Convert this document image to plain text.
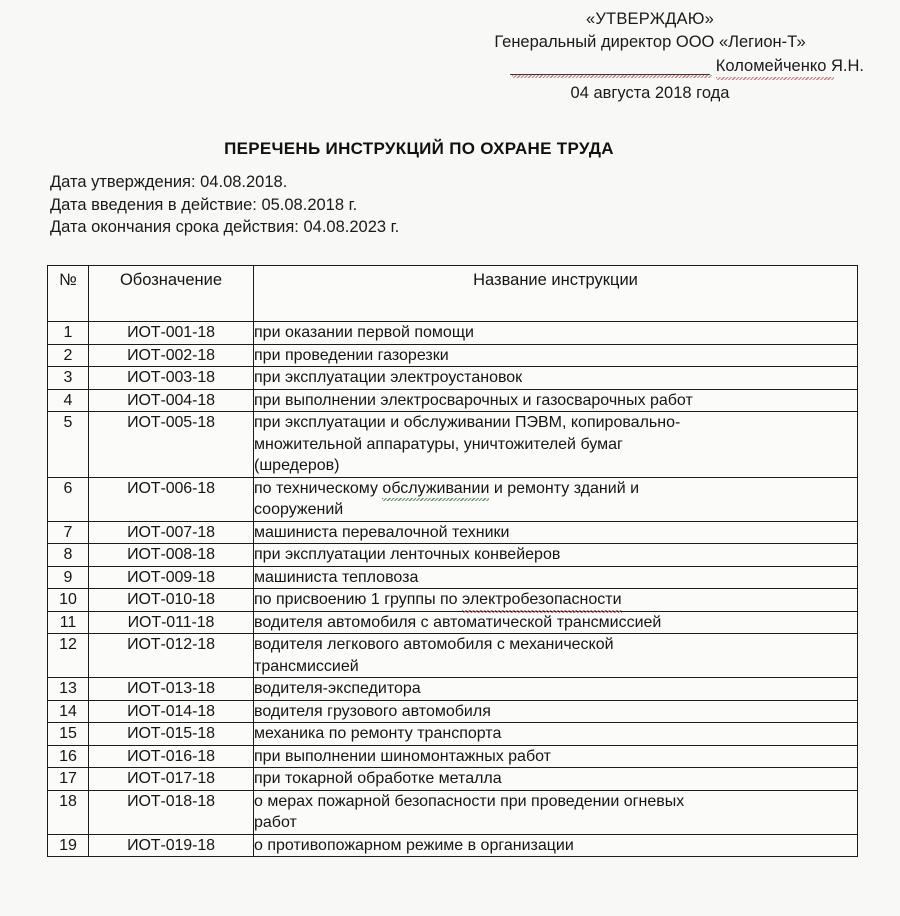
«УТВЕРЖДАЮ»
Генеральный директор ООО «Легион-Т»
Коломейченко Я.Н.
04 августа 2018 года
ПЕРЕЧЕНЬ ИНСТРУКЦИЙ ПО ОХРАНЕ ТРУДА
Дата утверждения: 04.08.2018.
Дата введения в действие: 05.08.2018 г.
Дата окончания срока действия: 04.08.2023 г.
№	Обозначение	Название инструкции
1	ИОТ-001-18	при оказании первой помощи

2	ИОТ-002-18	при проведении газорезки

3	ИОТ-003-18	при эксплуатации электроустановок

4	ИОТ-004-18	при выполнении электросварочных и газосварочных работ

5	ИОТ-005-18	при эксплуатации и обслуживании ПЭВМ, копировально-
множительной аппаратуры, уничтожителей бумаг
(шредеров)

6	ИОТ-006-18	по техническому обслуживании и ремонту зданий и
сооружений

7	ИОТ-007-18	машиниста перевалочной техники

8	ИОТ-008-18	при эксплуатации ленточных конвейеров

9	ИОТ-009-18	машиниста тепловоза

10	ИОТ-010-18	по присвоению 1 группы по электробезопасности

11	ИОТ-011-18	водителя автомобиля с автоматической трансмиссией

12	ИОТ-012-18	водителя легкового автомобиля с механической
трансмиссией

13	ИОТ-013-18	водителя-экспедитора

14	ИОТ-014-18	водителя грузового автомобиля

15	ИОТ-015-18	механика по ремонту транспорта

16	ИОТ-016-18	при выполнении шиномонтажных работ

17	ИОТ-017-18	при токарной обработке металла

18	ИОТ-018-18	о мерах пожарной безопасности при проведении огневых
работ

19	ИОТ-019-18	о противопожарном режиме в организации
